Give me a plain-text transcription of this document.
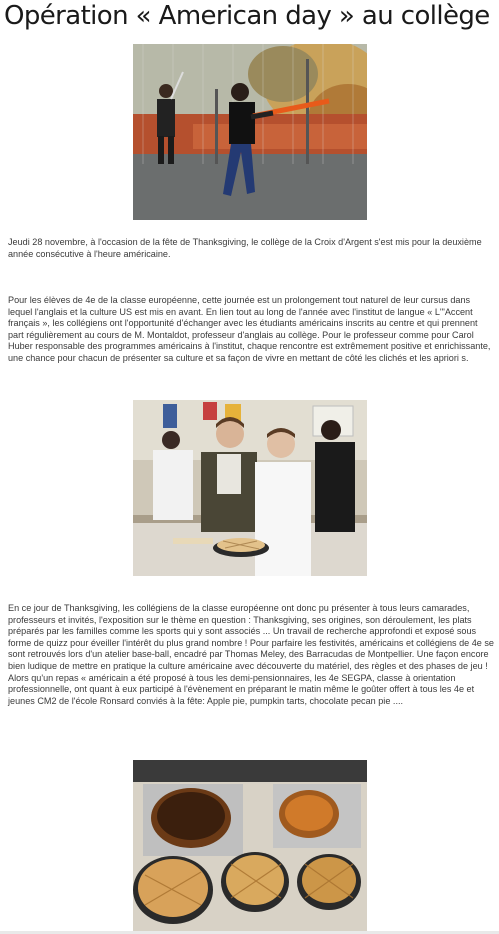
Opération « American day » au collège

Jeudi 28 novembre, à l'occasion de la fête de Thanksgiving, le collège de la Croix d'Argent s'est mis pour la deuxième année consécutive à l'heure américaine.

Pour les élèves de 4e de la classe européenne, cette journée est un prolongement tout naturel de leur cursus dans lequel l'anglais et la culture US est mis en avant. En lien tout au long de l'année avec l'institut de langue « L'"Accent français », les collégiens ont l'opportunité d'échanger avec les étudiants américains inscrits au centre et qui prennent part régulièrement au cours de M. Montaldot, professeur d'anglais au collège. Pour le professeur comme pour Carol Huber responsable des programmes américains à l'institut, chaque rencontre est extrêmement positive et enrichissante, une chance pour chacun de présenter sa culture et sa façon de vivre en mettant de côté les clichés et les apriori s.

En ce jour de Thanksgiving, les collégiens de la classe européenne ont donc pu présenter à tous leurs camarades, professeurs et invités, l'exposition sur le thème en question : Thanksgiving, ses origines, son déroulement, les plats préparés par les familles comme les sports qui y sont associés ... Un travail de recherche approfondi et exposé sous forme de quizz pour éveiller l'intérêt du plus grand nombre ! Pour parfaire les festivités, américains et collégiens de 4e se sont retrouvés lors d'un atelier base-ball, encadré par Thomas Meley, des Barracudas de Montpellier. Une façon encore bien ludique de mettre en pratique la culture américaine avec découverte du matériel, des règles et des phases de jeu !
Alors qu'un repas « américain a été proposé à tous les demi-pensionnaires, les 4e SEGPA, classe à orientation professionnelle, ont quant à eux participé à l'évènement en préparant le matin même le goûter offert à tous les 4e et jeunes CM2 de l'école Ronsard conviés à la fête: Apple pie, pumpkin tarts, chocolate pecan pie ....
